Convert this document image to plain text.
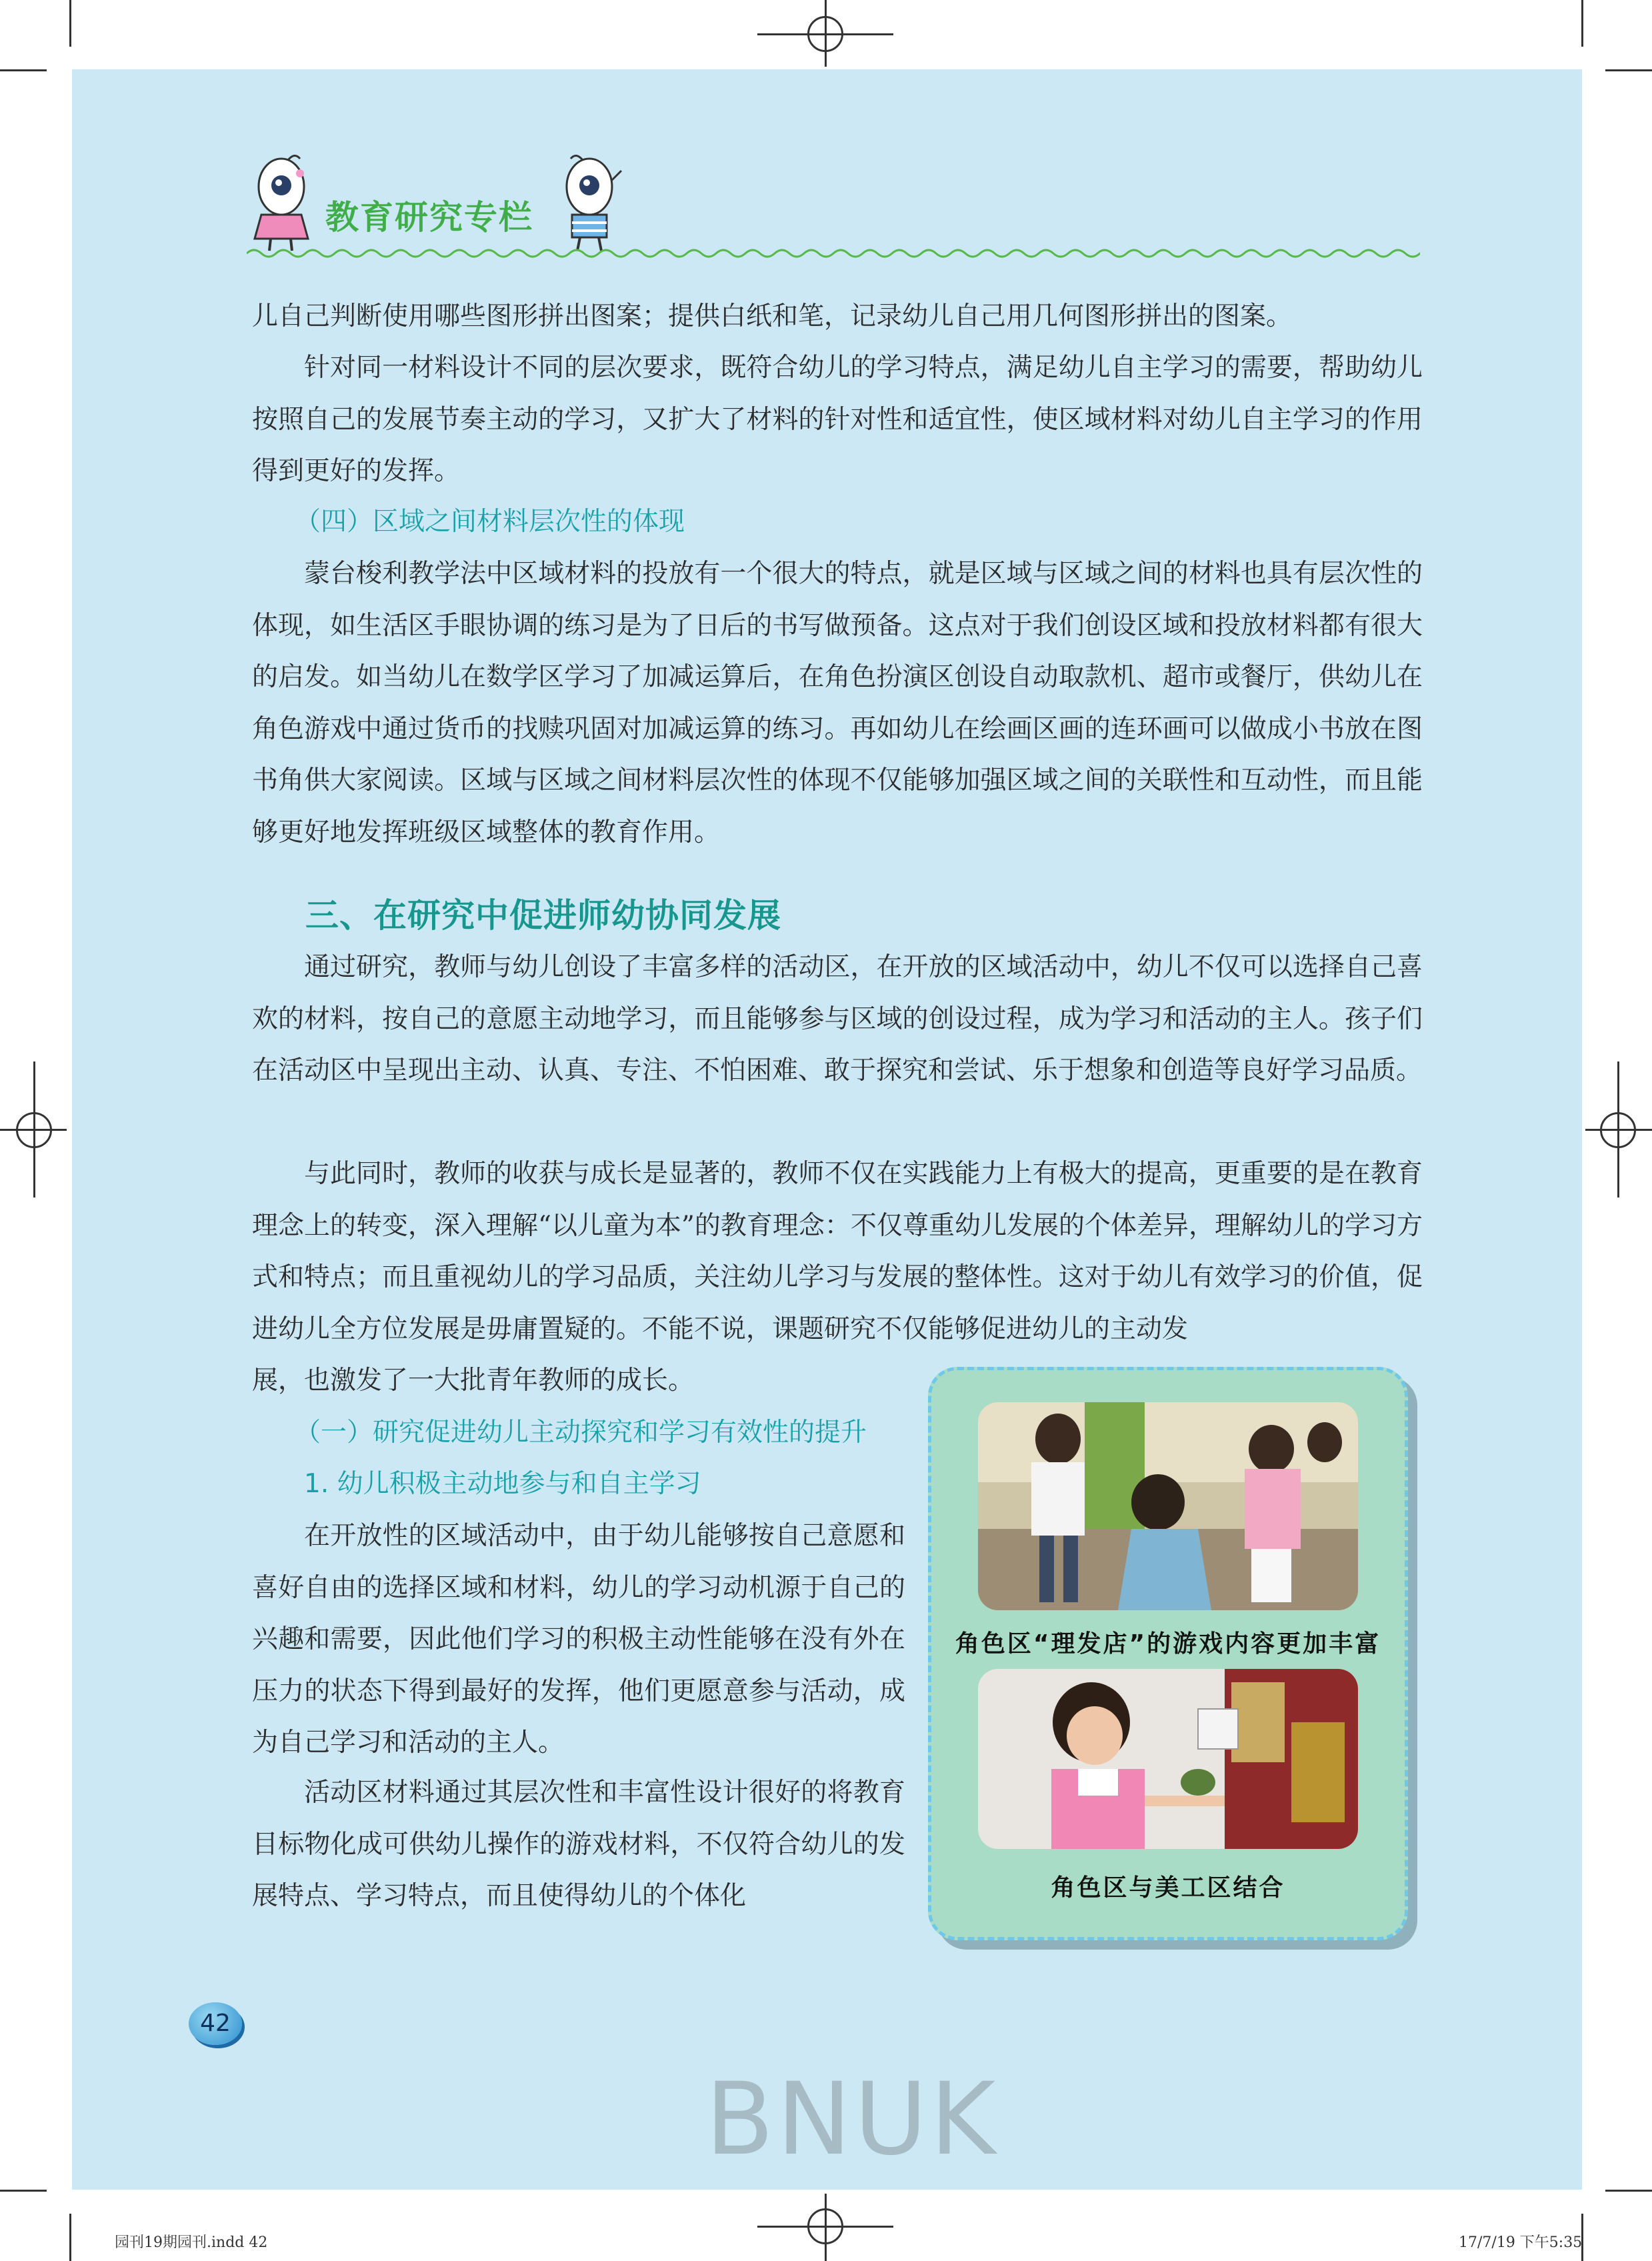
教育研究专栏

儿自己判断使用哪些图形拼出图案；提供白纸和笔，记录幼儿自己用几何图形拼出的图案。

针对同一材料设计不同的层次要求，既符合幼儿的学习特点，满足幼儿自主学习的需要，帮助幼儿按照自己的发展节奏主动的学习，又扩大了材料的针对性和适宜性，使区域材料对幼儿自主学习的作用得到更好的发挥。

（四）区域之间材料层次性的体现

蒙台梭利教学法中区域材料的投放有一个很大的特点，就是区域与区域之间的材料也具有层次性的体现，如生活区手眼协调的练习是为了日后的书写做预备。这点对于我们创设区域和投放材料都有很大的启发。如当幼儿在数学区学习了加减运算后，在角色扮演区创设自动取款机、超市或餐厅，供幼儿在角色游戏中通过货币的找赎巩固对加减运算的练习。再如幼儿在绘画区画的连环画可以做成小书放在图书角供大家阅读。区域与区域之间材料层次性的体现不仅能够加强区域之间的关联性和互动性，而且能够更好地发挥班级区域整体的教育作用。

三、在研究中促进师幼协同发展

通过研究，教师与幼儿创设了丰富多样的活动区，在开放的区域活动中，幼儿不仅可以选择自己喜欢的材料，按自己的意愿主动地学习，而且能够参与区域的创设过程，成为学习和活动的主人。孩子们在活动区中呈现出主动、认真、专注、不怕困难、敢于探究和尝试、乐于想象和创造等良好学习品质。

与此同时，教师的收获与成长是显著的，教师不仅在实践能力上有极大的提高，更重要的是在教育理念上的转变，深入理解“以儿童为本”的教育理念：不仅尊重幼儿发展的个体差异，理解幼儿的学习方式和特点；而且重视幼儿的学习品质，关注幼儿学习与发展的整体性。这对于幼儿有效学习的价值，促进幼儿全方位发展是毋庸置疑的。不能不说，课题研究不仅能够促进幼儿的主动发

展，也激发了一大批青年教师的成长。

（一）研究促进幼儿主动探究和学习有效性的提升

1. 幼儿积极主动地参与和自主学习

在开放性的区域活动中，由于幼儿能够按自己意愿和喜好自由的选择区域和材料，幼儿的学习动机源于自己的兴趣和需要，因此他们学习的积极主动性能够在没有外在压力的状态下得到最好的发挥，他们更愿意参与活动，成为自己学习和活动的主人。

活动区材料通过其层次性和丰富性设计很好的将教育目标物化成可供幼儿操作的游戏材料，不仅符合幼儿的发展特点、学习特点，而且使得幼儿的个体化

角色区“理发店”的游戏内容更加丰富
角色区与美工区结合
42
BNUK
园刊19期园刊.indd 42	17/7/19 下午5:35
